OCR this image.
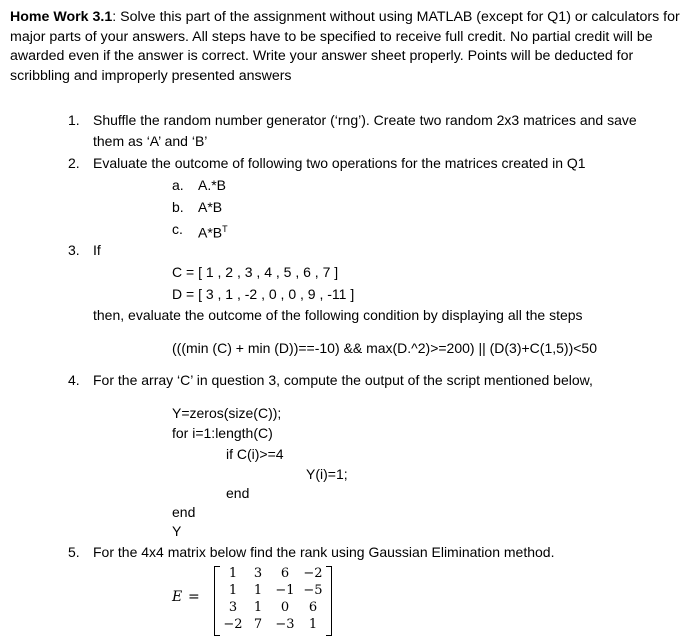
Home Work 3.1: Solve this part of the assignment without using MATLAB (except for Q1) or calculators for major parts of your answers. All steps have to be specified to receive full credit. No partial credit will be awarded even if the answer is correct. Write your answer sheet properly. Points will be deducted for scribbling and improperly presented answers
1. Shuffle the random number generator (‘rng’). Create two random 2x3 matrices and save
them as ‘A’ and ‘B’
2. Evaluate the outcome of following two operations for the matrices created in Q1
a. A.*B
b. A*B
c. $A*B^T$
3. If
C = [ 1 , 2 , 3 , 4 , 5 , 6 , 7 ]
D = [ 3 , 1 , -2 , 0 , 0 , 9 , -11 ]
then, evaluate the outcome of the following condition by displaying all the steps
(((min (C) + min (D))==-10) && max(D.^2)>=200) || (D(3)+C(1,5))<50
4. For the array ‘C’ in question 3, compute the output of the script mentioned below,
Y=zeros(size(C));
for i=1:length(C)
if C(i)>=4
Y(i)=1;
end
end
Y
5. For the 4x4 matrix below find the rank using Gaussian Elimination method.
E =
1	3	6	−2
1	1	−1 −5
3	1	0	6
−2 7	−3	1
